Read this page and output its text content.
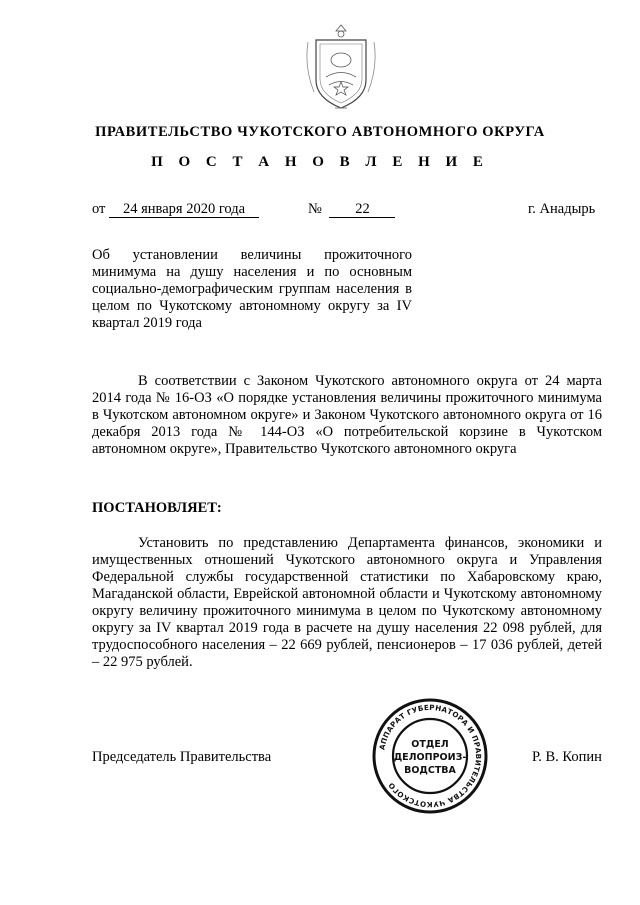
ПРАВИТЕЛЬСТВО ЧУКОТСКОГО АВТОНОМНОГО ОКРУГА
П О С Т А Н О В Л Е Н И Е
от 24 января 2020 года	№ 22	г. Анадырь
Об установлении величины прожиточного минимума на душу населения и по основным социально-демографическим группам населения в целом по Чукотскому автономному округу за IV квартал 2019 года

В соответствии с Законом Чукотского автономного округа от 24 марта 2014 года № 16-ОЗ «О порядке установления величины прожиточного минимума в Чукотском автономном округе» и Законом Чукотского автономного округа от 16 декабря 2013 года № 144-ОЗ «О потребительской корзине в Чукотском автономном округе», Правительство Чукотского автономного округа

ПОСТАНОВЛЯЕТ:

Установить по представлению Департамента финансов, экономики и имущественных отношений Чукотского автономного округа и Управления Федеральной службы государственной статистики по Хабаровскому краю, Магаданской области, Еврейской автономной области и Чукотскому автономному округу величину прожиточного минимума в целом по Чукотскому автономному округу за IV квартал 2019 года в расчете на душу населения 22 098 рублей, для трудоспособного населения – 22 669 рублей, пенсионеров – 17 036 рублей, детей – 22 975 рублей.

Председатель Правительства	Р. В. Копин
АППАРАТ ГУБЕРНАТОРА И ПРАВИТЕЛЬСТВА ЧУКОТСКОГО
ОТДЕЛ
ДЕЛОПРОИЗ-
ВОДСТВА
